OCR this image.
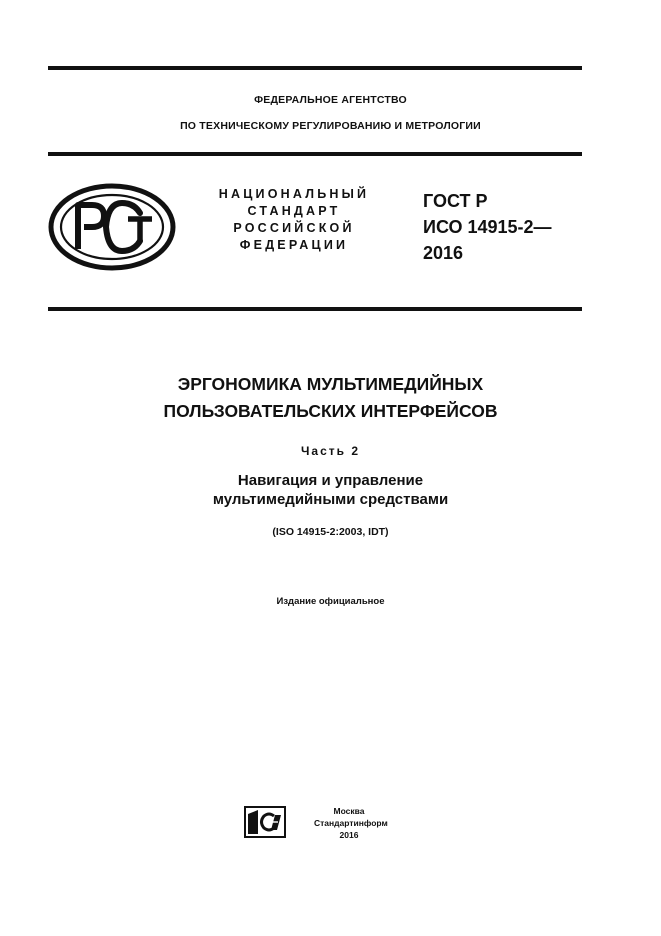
ФЕДЕРАЛЬНОЕ АГЕНТСТВО
ПО ТЕХНИЧЕСКОМУ РЕГУЛИРОВАНИЮ И МЕТРОЛОГИИ
НАЦИОНАЛЬНЫЙ
СТАНДАРТ
РОССИЙСКОЙ
ФЕДЕРАЦИИ
ГОСТ Р
ИСО 14915-2—
2016
ЭРГОНОМИКА МУЛЬТИМЕДИЙНЫХ
ПОЛЬЗОВАТЕЛЬСКИХ ИНТЕРФЕЙСОВ
Часть 2
Навигация и управление
мультимедийными средствами
(ISO 14915-2:2003, IDT)
Издание официальное
Москва
Стандартинформ
2016
